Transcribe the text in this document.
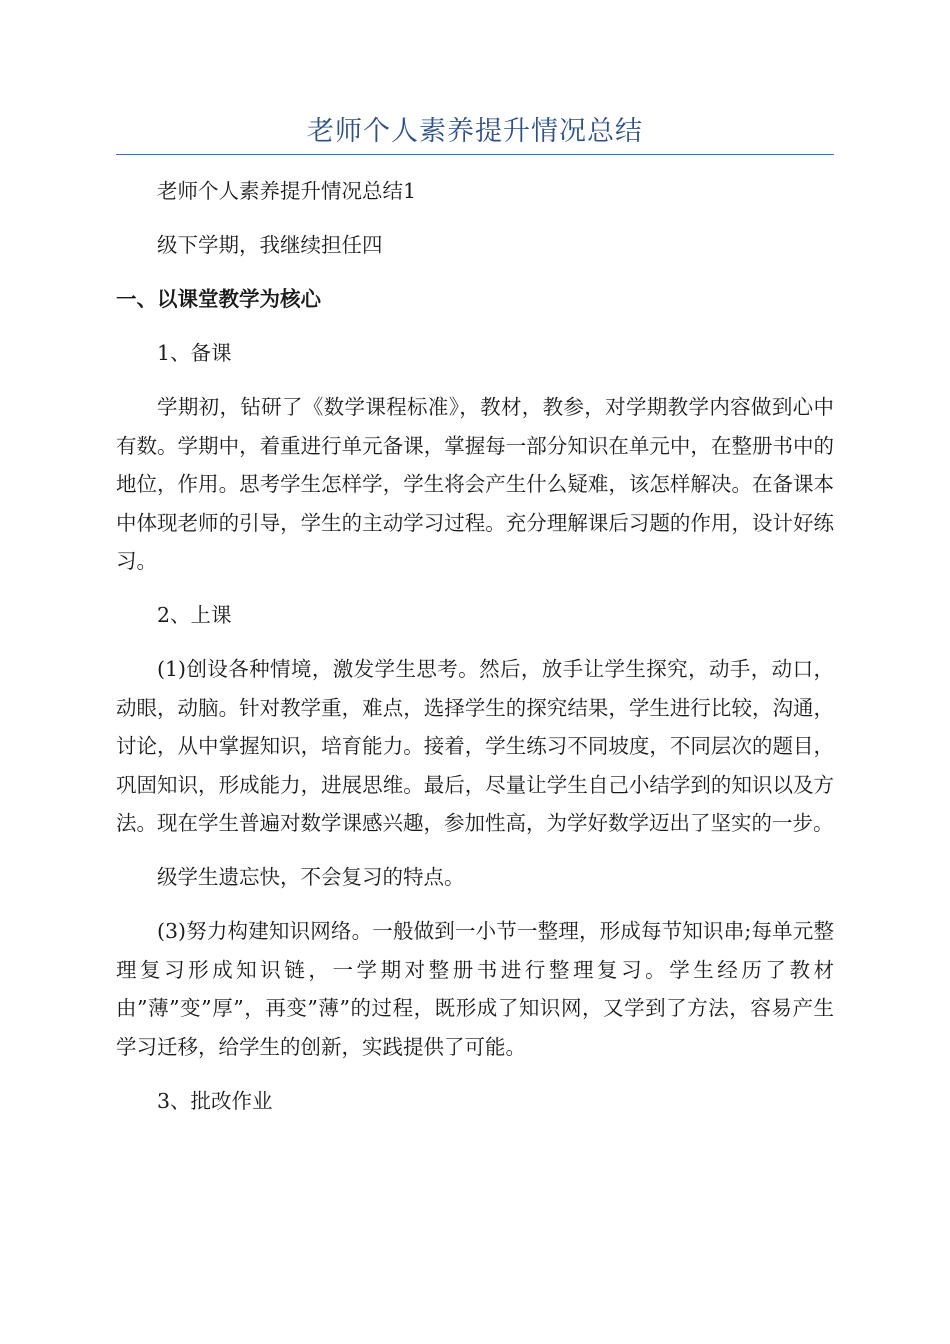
老师个人素养提升情况总结

老师个人素养提升情况总结1

级下学期，我继续担任四

一、以课堂教学为核心

1、备课

学期初，钻研了《数学课程标准》，教材，教参，对学期教学内容做到心中有数。学期中，着重进行单元备课，掌握每一部分知识在单元中，在整册书中的地位，作用。思考学生怎样学，学生将会产生什么疑难，该怎样解决。在备课本中体现老师的引导，学生的主动学习过程。充分理解课后习题的作用，设计好练习。

2、上课

(1)创设各种情境，激发学生思考。然后，放手让学生探究，动手，动口，动眼，动脑。针对教学重，难点，选择学生的探究结果，学生进行比较，沟通，讨论，从中掌握知识，培育能力。接着，学生练习不同坡度，不同层次的题目，巩固知识，形成能力，进展思维。最后，尽量让学生自己小结学到的知识以及方法。现在学生普遍对数学课感兴趣，参加性高，为学好数学迈出了坚实的一步。

级学生遗忘快，不会复习的特点。

(3)努力构建知识网络。一般做到一小节一整理，形成每节知识串;每单元整理复习形成知识链，一学期对整册书进行整理复习。学生经历了教材由”薄”变”厚”，再变”薄”的过程，既形成了知识网，又学到了方法，容易产生学习迁移，给学生的创新，实践提供了可能。

3、批改作业
